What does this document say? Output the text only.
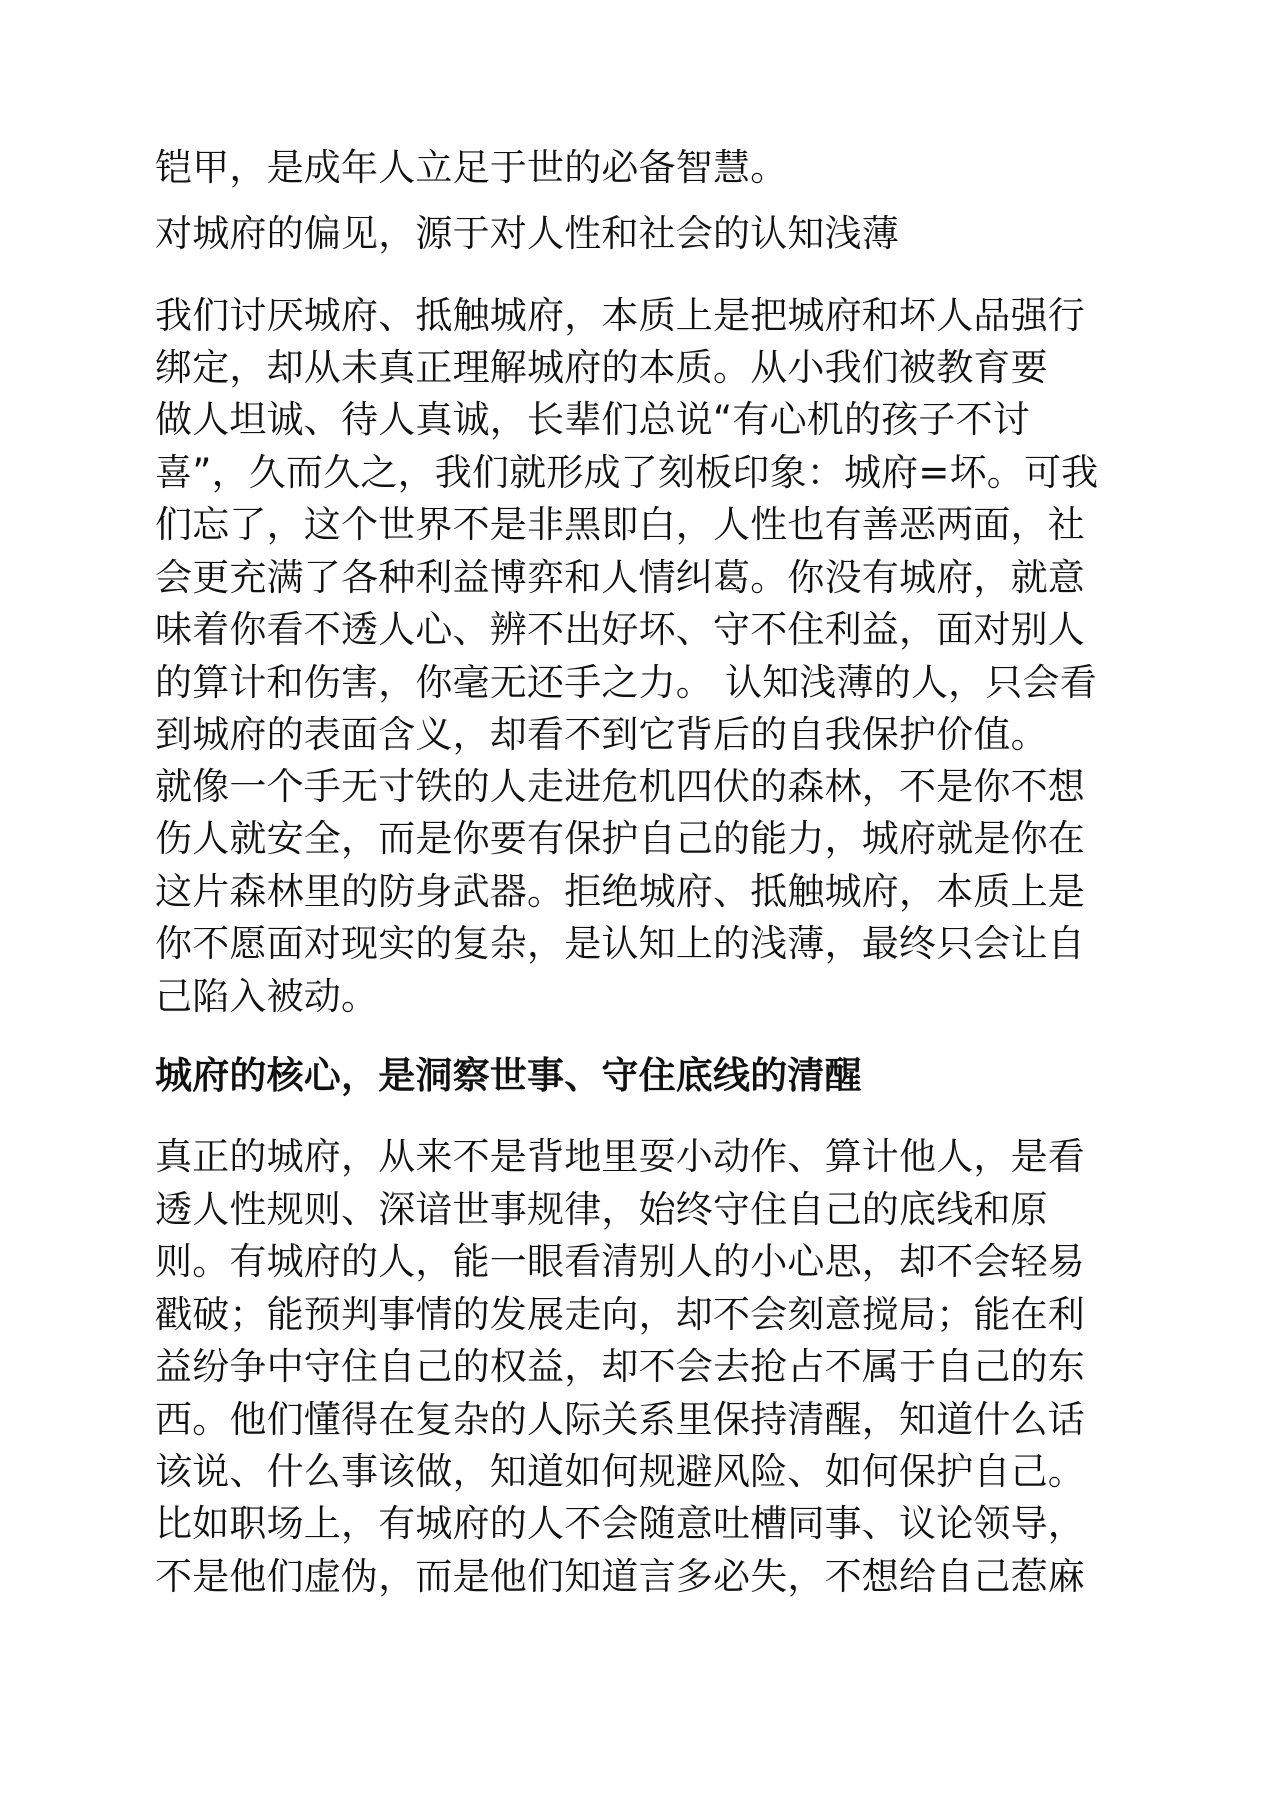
铠甲，是成年人立足于世的必备智慧。

对城府的偏见，源于对人性和社会的认知浅薄

我们讨厌城府、抵触城府，本质上是把城府和坏人品强行

绑定，却从未真正理解城府的本质。从小我们被教育要

做人坦诚、待人真诚，长辈们总说“有心机的孩子不讨

喜”，久而久之，我们就形成了刻板印象：城府=坏。可我

们忘了，这个世界不是非黑即白，人性也有善恶两面，社

会更充满了各种利益博弈和人情纠葛。你没有城府，就意

味着你看不透人心、辨不出好坏、守不住利益，面对别人

的算计和伤害，你毫无还手之力。 认知浅薄的人，只会看

到城府的表面含义，却看不到它背后的自我保护价值。

就像一个手无寸铁的人走进危机四伏的森林，不是你不想

伤人就安全，而是你要有保护自己的能力，城府就是你在

这片森林里的防身武器。拒绝城府、抵触城府，本质上是

你不愿面对现实的复杂，是认知上的浅薄，最终只会让自

己陷入被动。

城府的核心，是洞察世事、守住底线的清醒

真正的城府，从来不是背地里耍小动作、算计他人，是看

透人性规则、深谙世事规律，始终守住自己的底线和原

则。有城府的人，能一眼看清别人的小心思，却不会轻易

戳破；能预判事情的发展走向，却不会刻意搅局；能在利

益纷争中守住自己的权益，却不会去抢占不属于自己的东

西。他们懂得在复杂的人际关系里保持清醒，知道什么话

该说、什么事该做，知道如何规避风险、如何保护自己。

比如职场上，有城府的人不会随意吐槽同事、议论领导，

不是他们虚伪，而是他们知道言多必失，不想给自己惹麻
